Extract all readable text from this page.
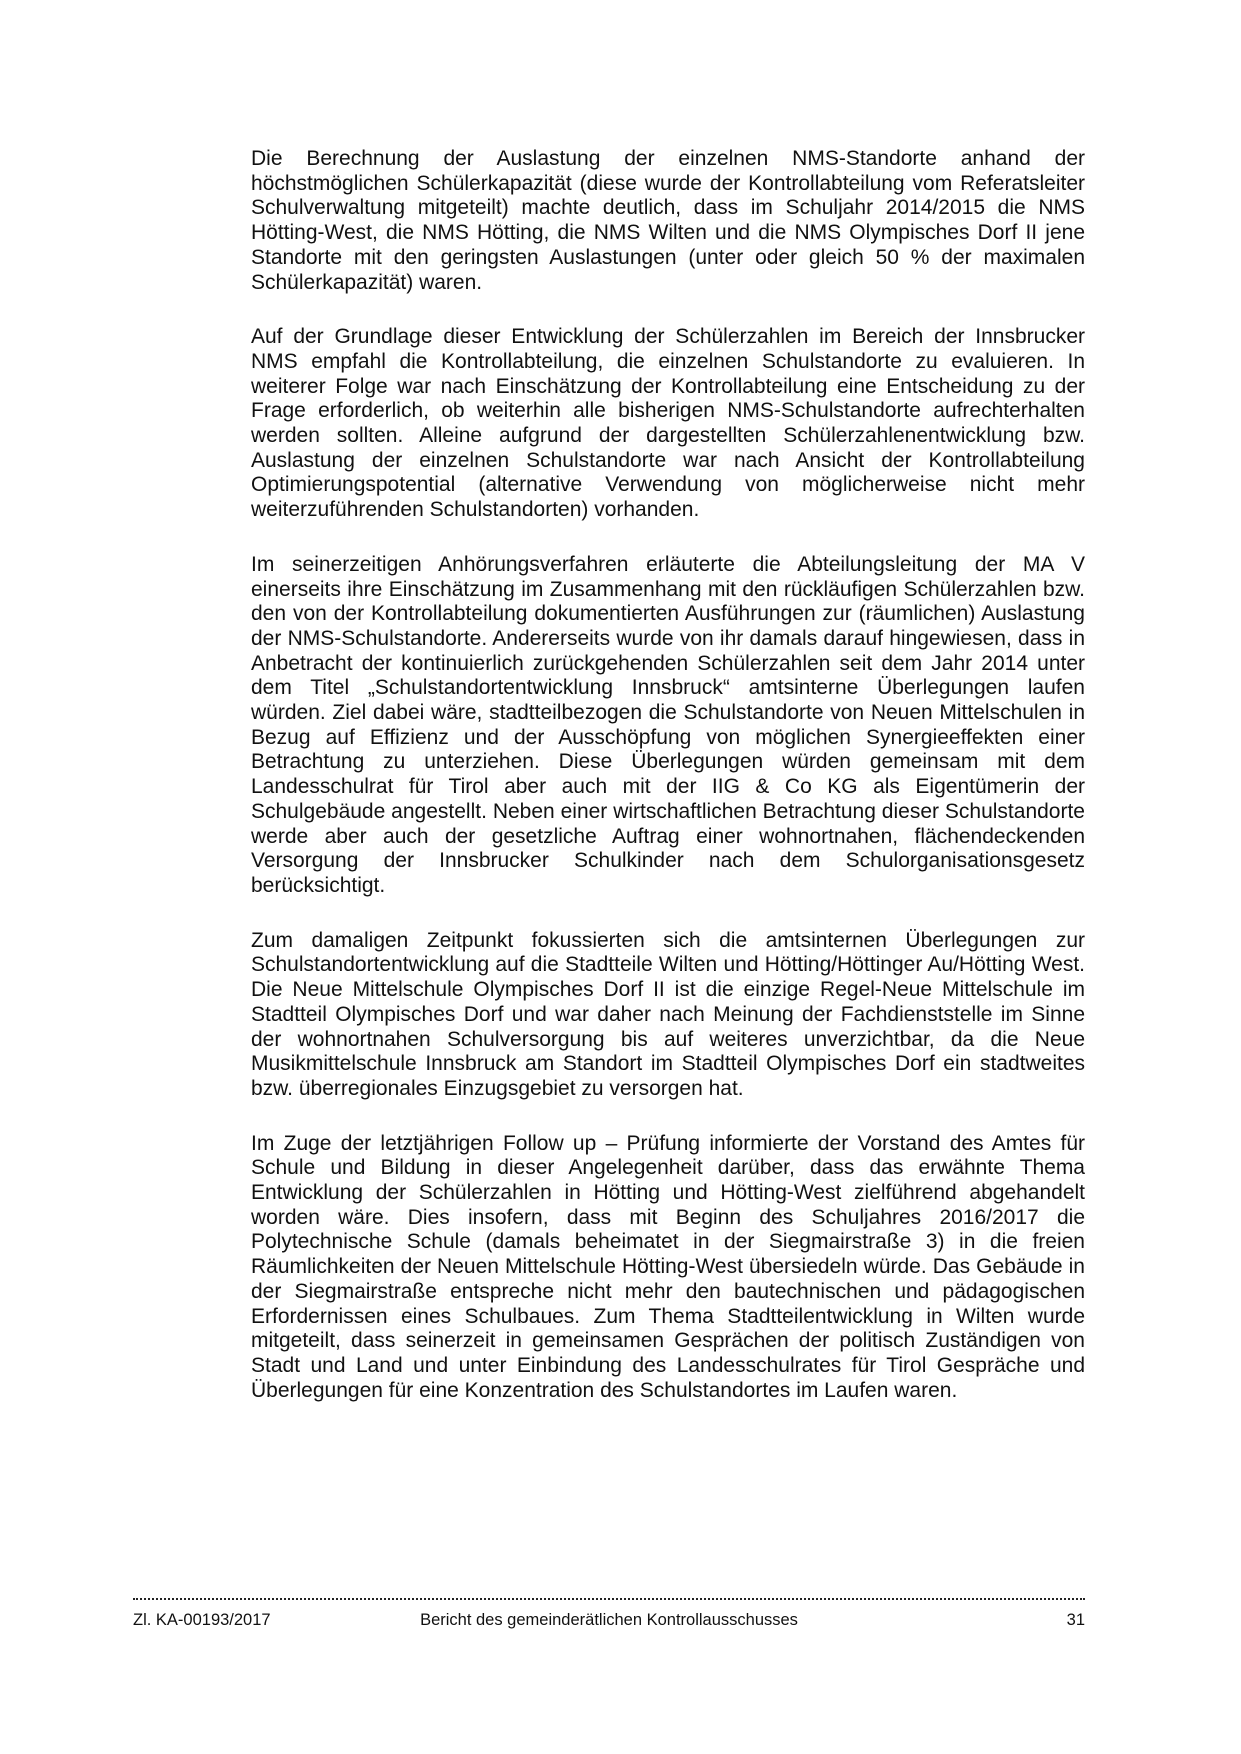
Die Berechnung der Auslastung der einzelnen NMS-Standorte anhand der höchstmöglichen Schülerkapazität (diese wurde der Kontrollabteilung vom Referatsleiter Schulverwaltung mitgeteilt) machte deutlich, dass im Schuljahr 2014/2015 die NMS Hötting-West, die NMS Hötting, die NMS Wilten und die NMS Olympisches Dorf II jene Standorte mit den geringsten Auslastungen (unter oder gleich 50 % der maximalen Schülerkapazität) waren.

Auf der Grundlage dieser Entwicklung der Schülerzahlen im Bereich der Innsbrucker NMS empfahl die Kontrollabteilung, die einzelnen Schulstandorte zu evaluieren. In weiterer Folge war nach Einschätzung der Kontrollabteilung eine Entscheidung zu der Frage erforderlich, ob weiterhin alle bisherigen NMS-Schulstandorte aufrechterhalten werden sollten. Alleine aufgrund der dargestellten Schülerzahlenentwicklung bzw. Auslastung der einzelnen Schulstandorte war nach Ansicht der Kontrollabteilung Optimierungspotential (alternative Verwendung von möglicherweise nicht mehr weiterzuführenden Schulstandorten) vorhanden.

Im seinerzeitigen Anhörungsverfahren erläuterte die Abteilungsleitung der MA V einerseits ihre Einschätzung im Zusammenhang mit den rückläufigen Schülerzahlen bzw. den von der Kontrollabteilung dokumentierten Ausführungen zur (räumlichen) Auslastung der NMS-Schulstandorte. Andererseits wurde von ihr damals darauf hingewiesen, dass in Anbetracht der kontinuierlich zurückgehenden Schülerzahlen seit dem Jahr 2014 unter dem Titel „Schulstandortentwicklung Innsbruck“ amtsinterne Überlegungen laufen würden. Ziel dabei wäre, stadtteilbezogen die Schulstandorte von Neuen Mittelschulen in Bezug auf Effizienz und der Ausschöpfung von möglichen Synergieeffekten einer Betrachtung zu unterziehen. Diese Überlegungen würden gemeinsam mit dem Landesschulrat für Tirol aber auch mit der IIG & Co KG als Eigentümerin der Schulgebäude angestellt. Neben einer wirtschaftlichen Betrachtung dieser Schulstandorte werde aber auch der gesetzliche Auftrag einer wohnortnahen, flächendeckenden Versorgung der Innsbrucker Schulkinder nach dem Schulorganisationsgesetz berücksichtigt.

Zum damaligen Zeitpunkt fokussierten sich die amtsinternen Überlegungen zur Schulstandortentwicklung auf die Stadtteile Wilten und Hötting/Höttinger Au/Hötting West. Die Neue Mittelschule Olympisches Dorf II ist die einzige Regel-Neue Mittelschule im Stadtteil Olympisches Dorf und war daher nach Meinung der Fachdienststelle im Sinne der wohnortnahen Schulversorgung bis auf weiteres unverzichtbar, da die Neue Musikmittelschule Innsbruck am Standort im Stadtteil Olympisches Dorf ein stadtweites bzw. überregionales Einzugsgebiet zu versorgen hat.

Im Zuge der letztjährigen Follow up – Prüfung informierte der Vorstand des Amtes für Schule und Bildung in dieser Angelegenheit darüber, dass das erwähnte Thema Entwicklung der Schülerzahlen in Hötting und Hötting-West zielführend abgehandelt worden wäre. Dies insofern, dass mit Beginn des Schuljahres 2016/2017 die Polytechnische Schule (damals beheimatet in der Siegmairstraße 3) in die freien Räumlichkeiten der Neuen Mittelschule Hötting-West übersiedeln würde. Das Gebäude in der Siegmairstraße entspreche nicht mehr den bautechnischen und pädagogischen Erfordernissen eines Schulbaues. Zum Thema Stadtteilentwicklung in Wilten wurde mitgeteilt, dass seinerzeit in gemeinsamen Gesprächen der politisch Zuständigen von Stadt und Land und unter Einbindung des Landesschulrates für Tirol Gespräche und Überlegungen für eine Konzentration des Schulstandortes im Laufen waren.

Zl. KA-00193/2017	Bericht des gemeinderätlichen Kontrollausschusses	31
